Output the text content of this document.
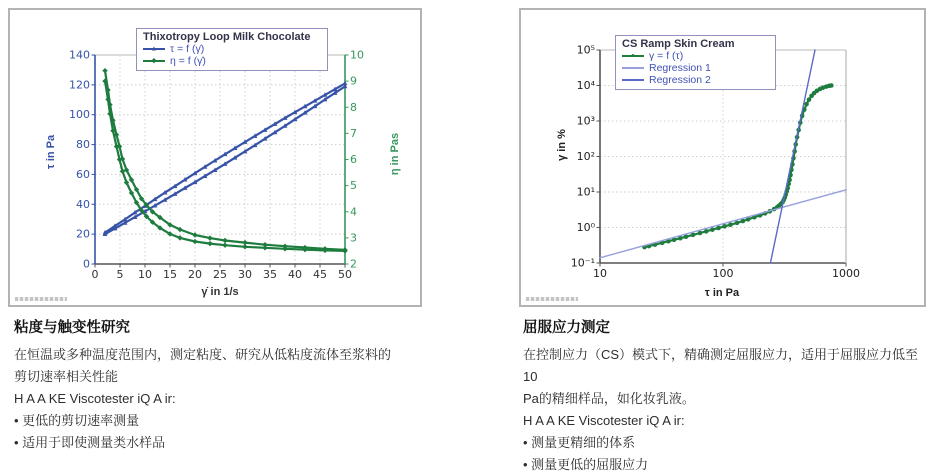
0 5 10 15 20 25 30 35 40 45 50
0
20
40
60
80
100
120
140
2
3
4
5
6
7
8
9
10
τ in Pa	η in Pas
γ̇ in 1/s
Thixotropy Loop Milk Chocolate
▲ τ = f (γ̇)
◆ η = f (γ̇)
10	100	1000
10⁻¹
10⁰
10¹
10²
10³
10⁴
10⁵
γ in %
τ in Pa
CS Ramp Skin Cream
● γ = f (τ)
Regression 1
Regression 2
粘度与触变性研究
在恒温或多种温度范围内，测定粘度、研究从低粘度流体至浆料的
剪切速率相关性能
H A A KE Viscotester iQ A ir:
• 更低的剪切速率测量
• 适用于即使测量类水样品
屈服应力测定
在控制应力（CS）模式下，精确测定屈服应力，适用于屈服应力低至10
Pa的精细样品，如化妆乳液。
H A A KE Viscotester iQ A ir:
• 测量更精细的体系
• 测量更低的屈服应力
